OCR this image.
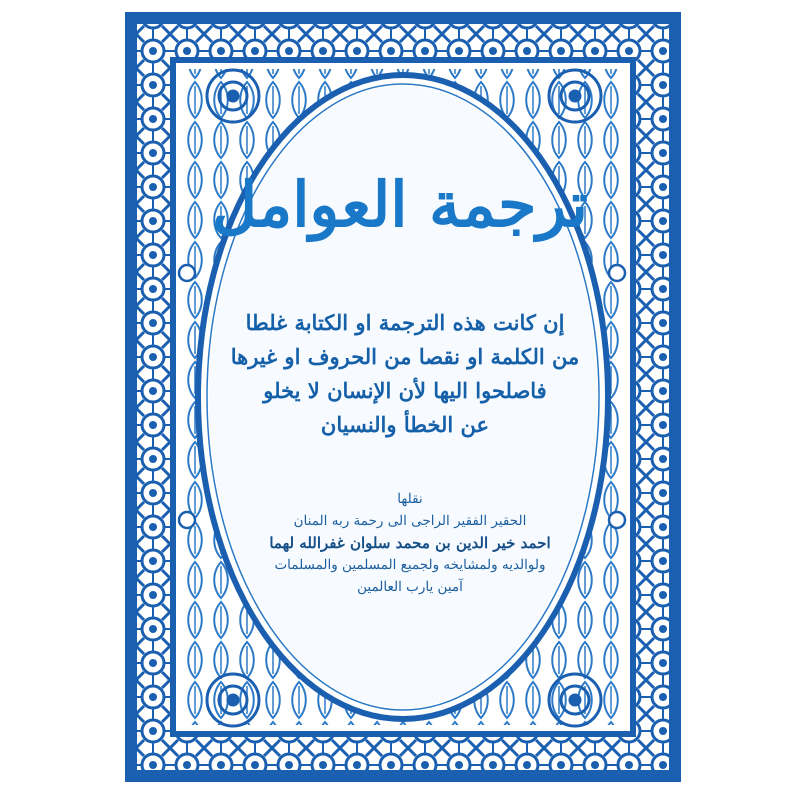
ترجمة العوامل
إن كانت هذه الترجمة او الكتابة غلطا
من الكلمة او نقصا من الحروف او غيرها
فاصلحوا اليها لأن الإنسان لا يخلو
عن الخطأ والنسيان
نقلها
الحقير الفقير الراجى الى رحمة ربه المنان
احمد خير الدين بن محمد سلوان غفرالله لهما
ولوالديه ولمشايخه ولجميع المسلمين والمسلمات
آمين يارب العالمين
